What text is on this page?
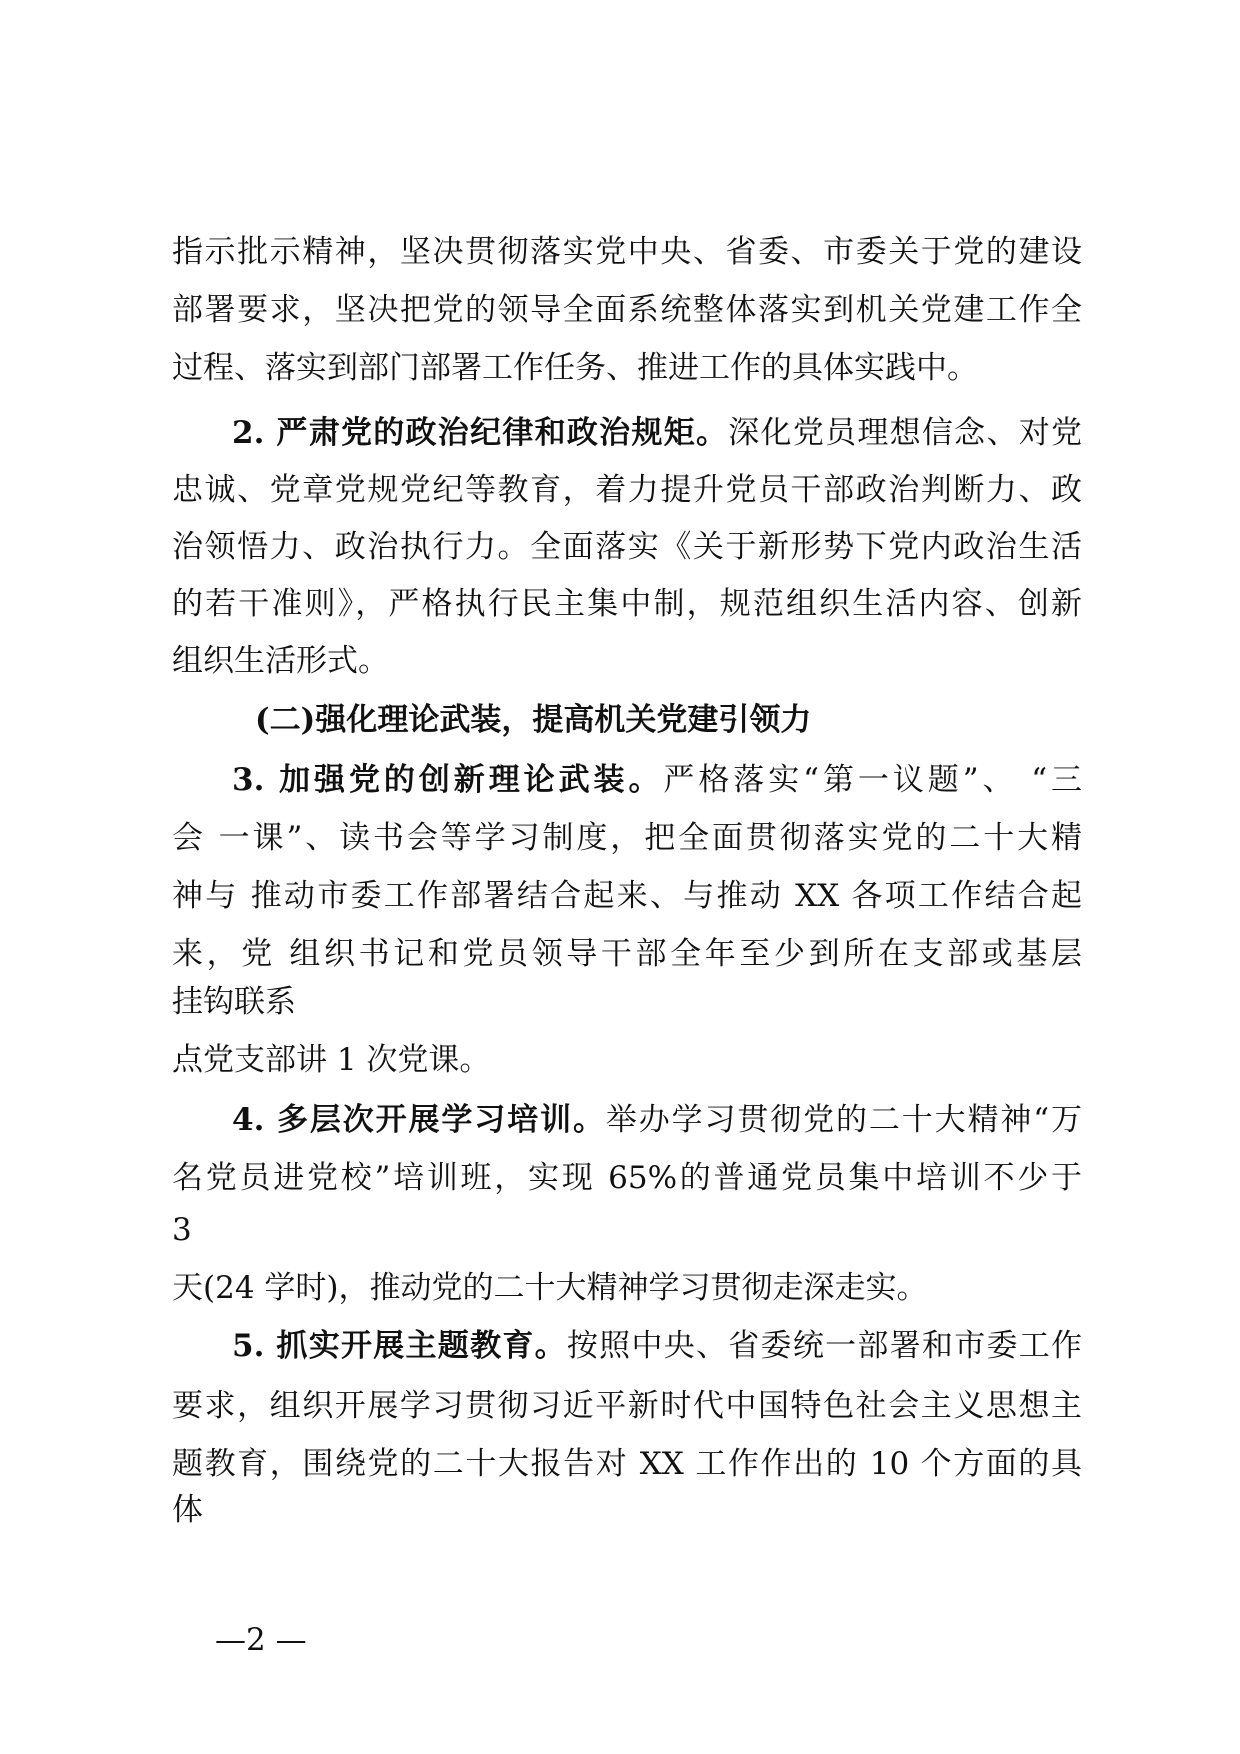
指示批示精神，坚决贯彻落实党中央、省委、市委关于党的建设
部署要求，坚决把党的领导全面系统整体落实到机关党建工作全
过程、落实到部门部署工作任务、推进工作的具体实践中。
2. 严肃党的政治纪律和政治规矩。深化党员理想信念、对党
忠诚、党章党规党纪等教育，着力提升党员干部政治判断力、政
治领悟力、政治执行力。全面落实《关于新形势下党内政治生活
的若干准则》，严格执行民主集中制，规范组织生活内容、创新
组织生活形式。
(二)强化理论武装，提高机关党建引领力
3. 加强党的创新理论武装。严格落实“第一议题”、 “三
会 一课”、读书会等学习制度，把全面贯彻落实党的二十大精
神与 推动市委工作部署结合起来、与推动 XX 各项工作结合起
来，党 组织书记和党员领导干部全年至少到所在支部或基层
挂钩联系
点党支部讲 1 次党课。
4. 多层次开展学习培训。举办学习贯彻党的二十大精神“万
名党员进党校”培训班，实现 65%的普通党员集中培训不少于
3
天(24 学时)，推动党的二十大精神学习贯彻走深走实。
5. 抓实开展主题教育。按照中央、省委统一部署和市委工作
要求，组织开展学习贯彻习近平新时代中国特色社会主义思想主
题教育，围绕党的二十大报告对 XX 工作作出的 10 个方面的具
体
—2 —
